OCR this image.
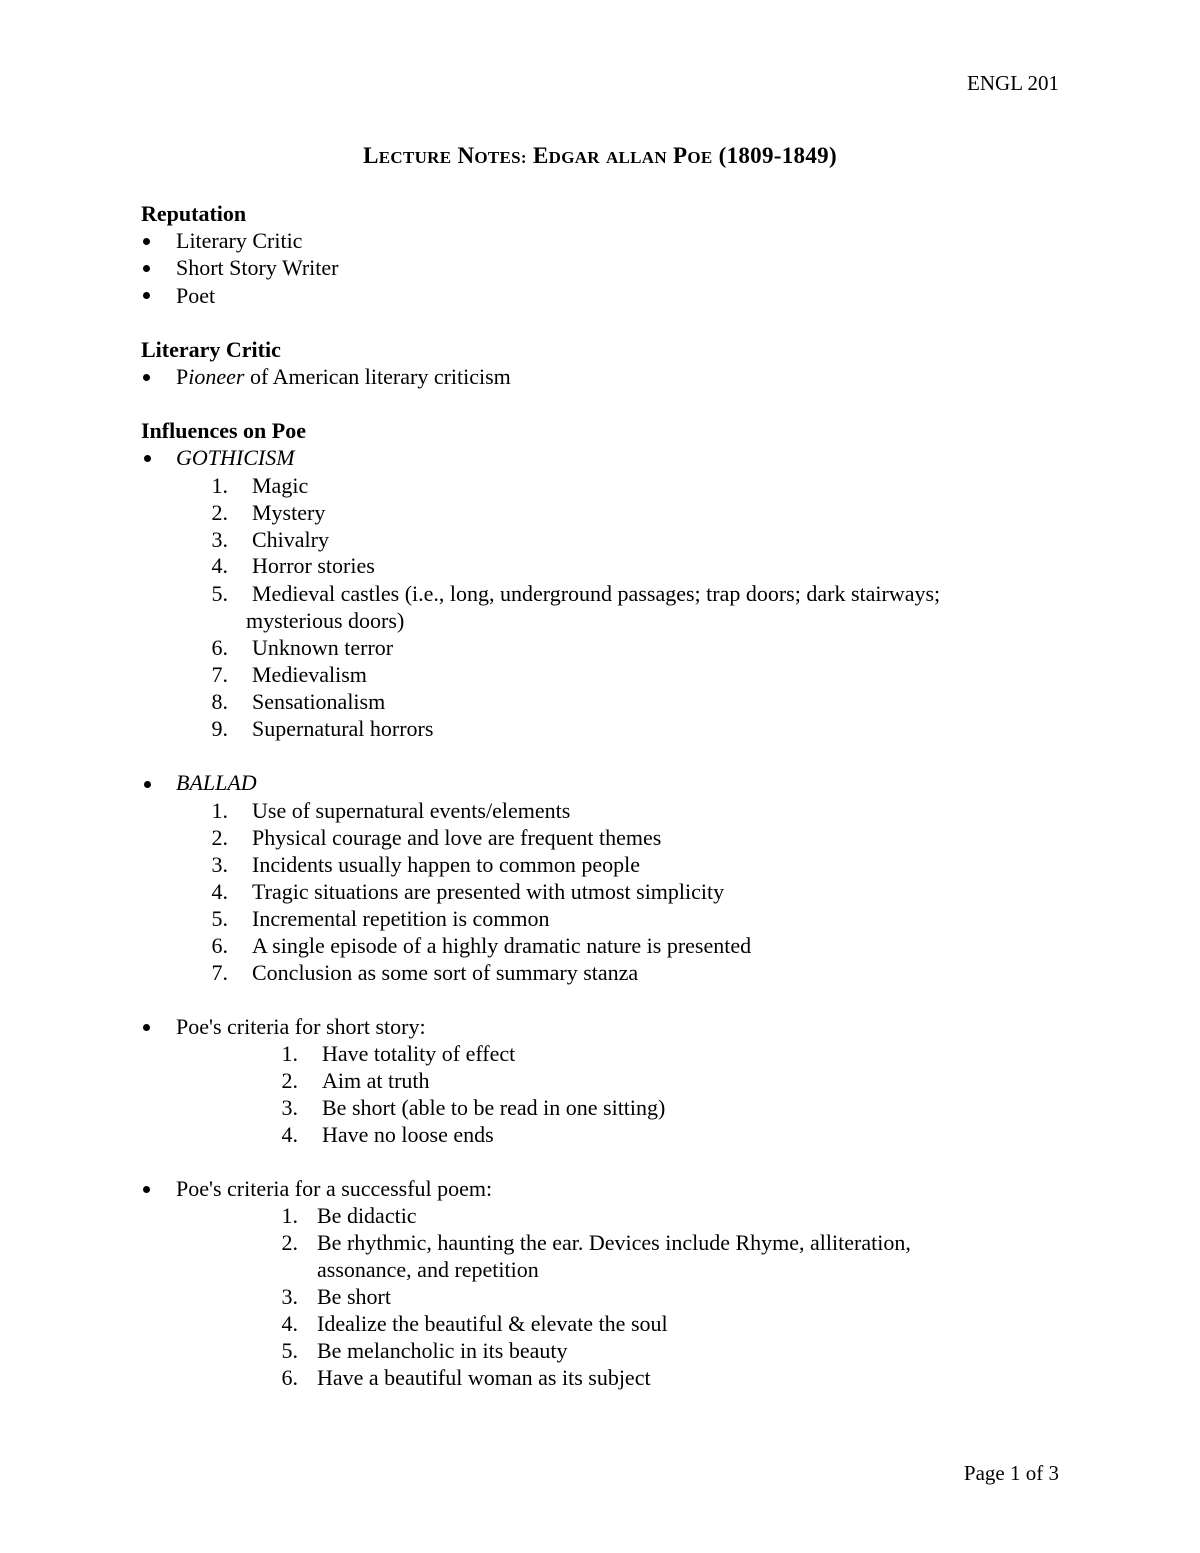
ENGL 201
LECTURE NOTES: EDGAR ALLAN POE (1809-1849)
Reputation
Literary Critic
Short Story Writer
Poet
Literary Critic
Pioneer of American literary criticism
Influences on Poe
GOTHICISM
1. Magic
2. Mystery
3. Chivalry
4. Horror stories
5. Medieval castles (i.e., long, underground passages; trap doors; dark stairways;
mysterious doors)
6. Unknown terror
7. Medievalism
8. Sensationalism
9. Supernatural horrors
BALLAD
1. Use of supernatural events/elements
2. Physical courage and love are frequent themes
3. Incidents usually happen to common people
4. Tragic situations are presented with utmost simplicity
5. Incremental repetition is common
6. A single episode of a highly dramatic nature is presented
7. Conclusion as some sort of summary stanza
Poe's criteria for short story:
1. Have totality of effect
2. Aim at truth
3. Be short (able to be read in one sitting)
4. Have no loose ends
Poe's criteria for a successful poem:
1. Be didactic
2. Be rhythmic, haunting the ear. Devices include Rhyme, alliteration,
assonance, and repetition
3. Be short
4. Idealize the beautiful & elevate the soul
5. Be melancholic in its beauty
6. Have a beautiful woman as its subject
Page 1 of 3
